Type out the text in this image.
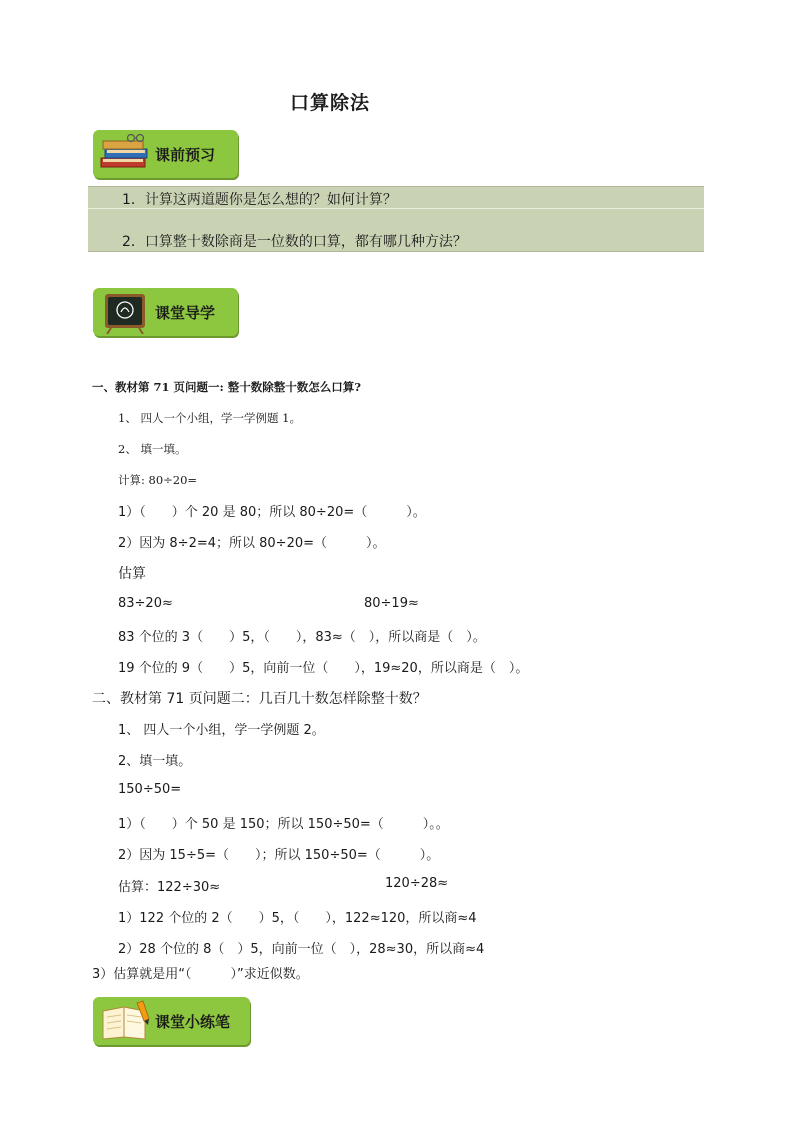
口算除法
课前预习
1．计算这两道题你是怎么想的？如何计算？
2．口算整十数除商是一位数的口算，都有哪几种方法？
课堂导学
一、教材第 71 页问题一: 整十数除整十数怎么口算?
1、 四人一个小组，学一学例题 1。
2、 填一填。
计算: 80÷20=
1）（　　）个 20 是 80；所以 80÷20=（　　　）。
2）因为 8÷2=4；所以 80÷20=（　　　）。
估算
83÷20≈	80÷19≈
83 个位的 3（　　）5，（　　），83≈（　），所以商是（　）。
19 个位的 9（　　）5，向前一位（　　），19≈20，所以商是（　）。
二、教材第 71 页问题二：几百几十数怎样除整十数？
1、 四人一个小组，学一学例题 2。
2、填一填。
150÷50=
1）（　　）个 50 是 150；所以 150÷50=（　　　）。。
2）因为 15÷5=（　　）；所以 150÷50=（　　　）。
估算：122÷30≈	120÷28≈
1）122 个位的 2（　　）5，（　　），122≈120，所以商≈4
2）28 个位的 8（　）5，向前一位（　），28≈30，所以商≈4
3）估算就是用“（　　　）”求近似数。
课堂小练笔
